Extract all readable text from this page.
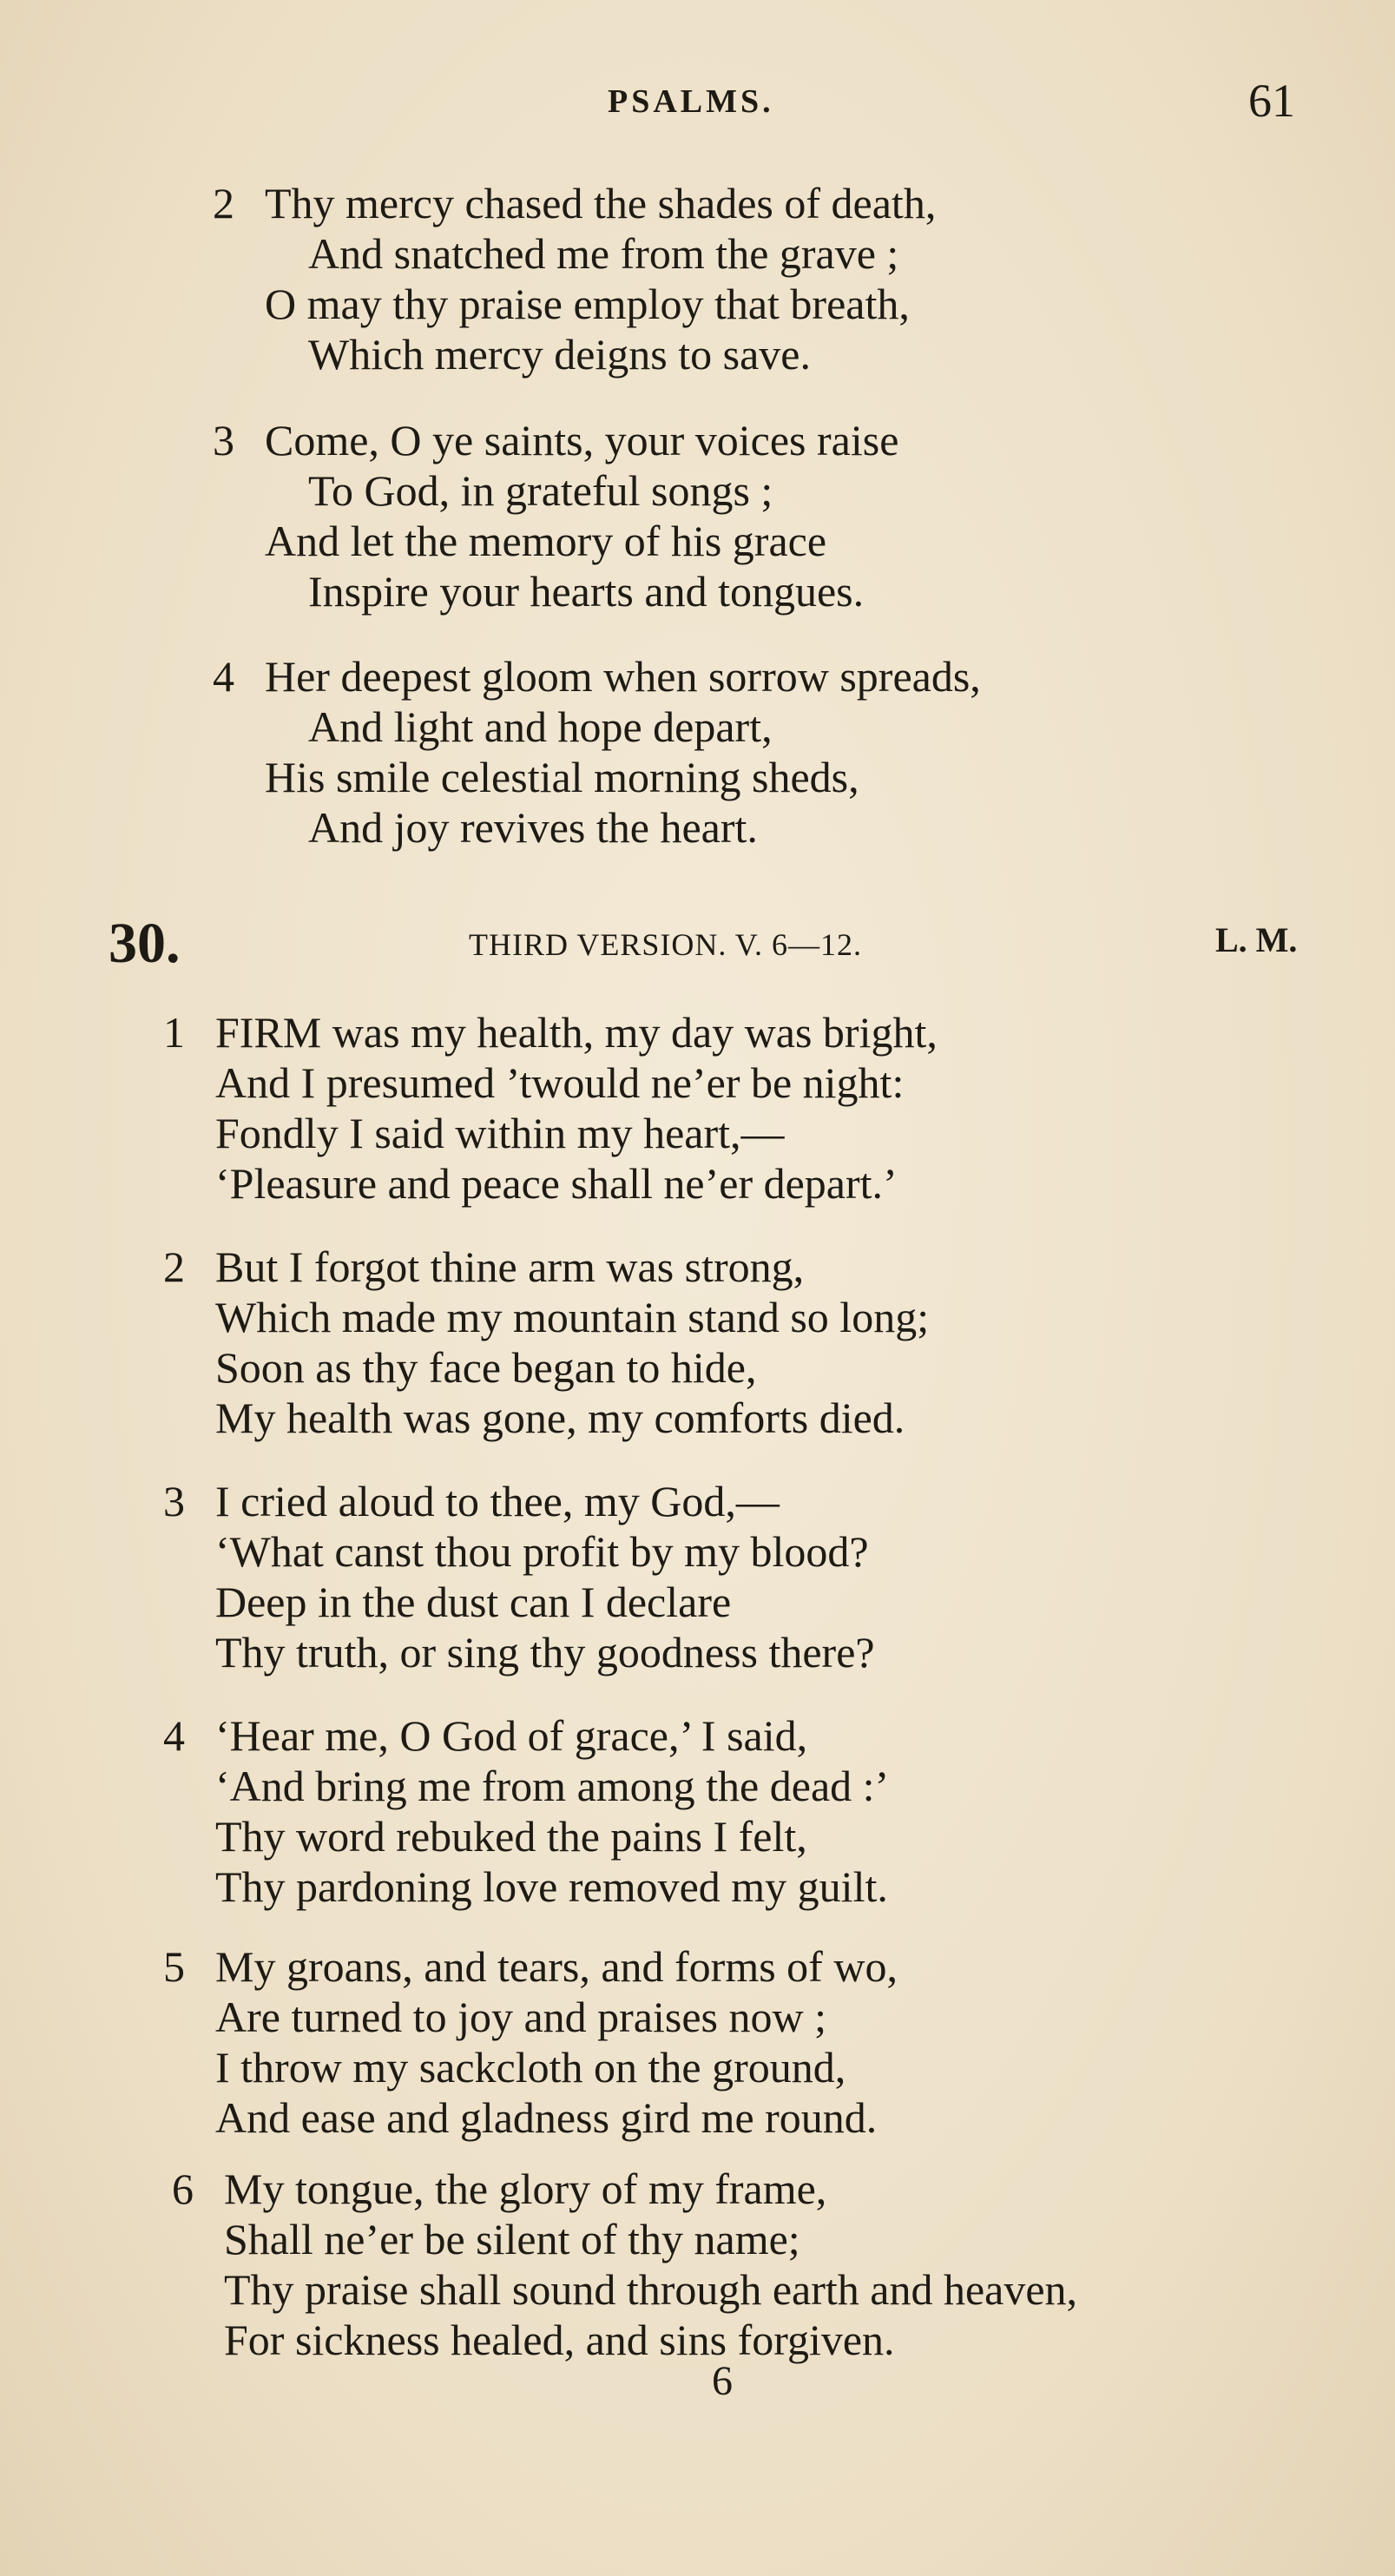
PSALMS.	61
2 Thy mercy chased the shades of death,
And snatched me from the grave ;
O may thy praise employ that breath,
Which mercy deigns to save.
3 Come, O ye saints, your voices raise
To God, in grateful songs ;
And let the memory of his grace
Inspire your hearts and tongues.
4 Her deepest gloom when sorrow spreads,
And light and hope depart,
His smile celestial morning sheds,
And joy revives the heart.
30.	THIRD VERSION. V. 6—12.	L. M.
1 FIRM was my health, my day was bright,
And I presumed ’twould ne’er be night:
Fondly I said within my heart,—
‘Pleasure and peace shall ne’er depart.’
2 But I forgot thine arm was strong,
Which made my mountain stand so long;
Soon as thy face began to hide,
My health was gone, my comforts died.
3 I cried aloud to thee, my God,—
‘What canst thou profit by my blood?
Deep in the dust can I declare
Thy truth, or sing thy goodness there?
4 ‘Hear me, O God of grace,’ I said,
‘And bring me from among the dead :’
Thy word rebuked the pains I felt,
Thy pardoning love removed my guilt.
5 My groans, and tears, and forms of wo,
Are turned to joy and praises now ;
I throw my sackcloth on the ground,
And ease and gladness gird me round.
6 My tongue, the glory of my frame,
Shall ne’er be silent of thy name;
Thy praise shall sound through earth and heaven,
For sickness healed, and sins forgiven.
6
